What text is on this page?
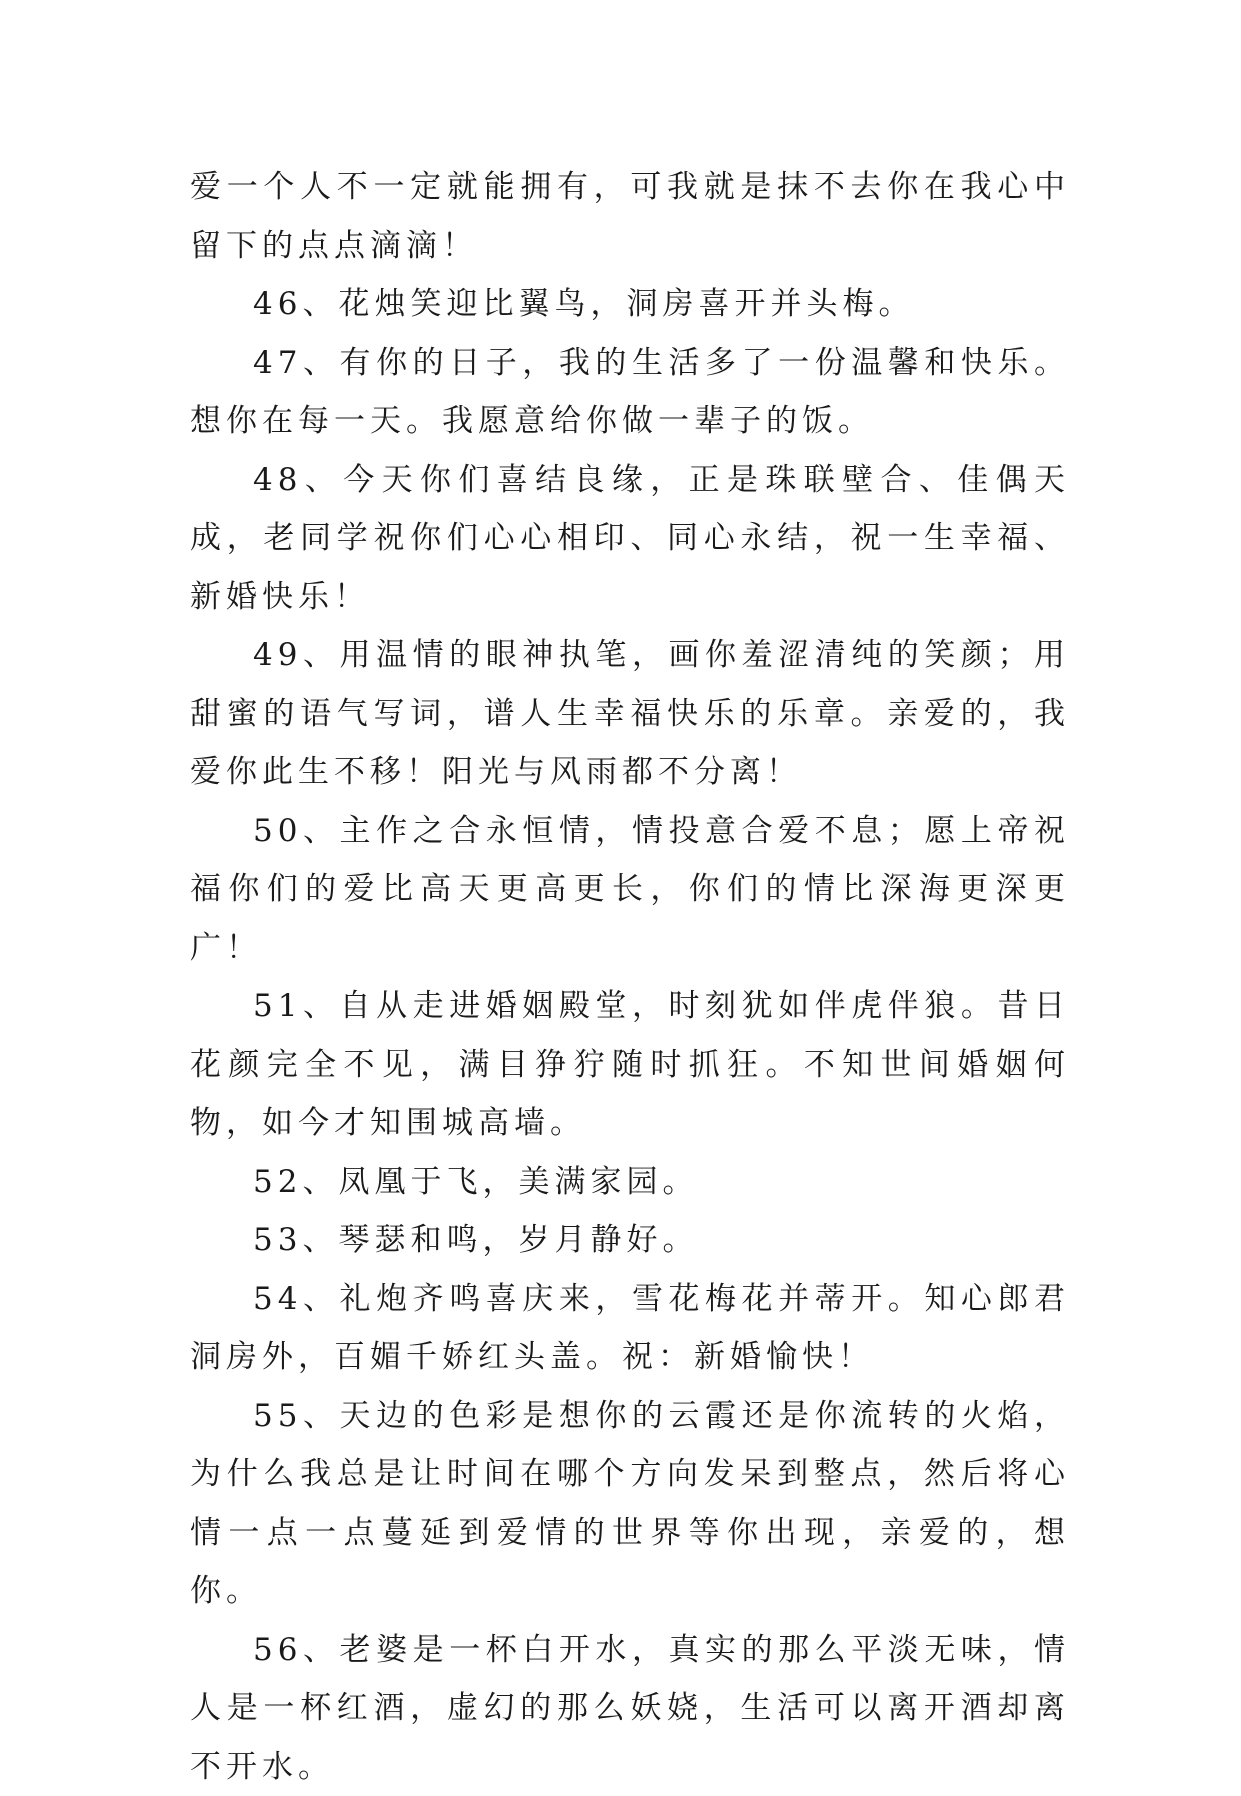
爱一个人不一定就能拥有，可我就是抹不去你在我心中留下的点点滴滴！

46、花烛笑迎比翼鸟，洞房喜开并头梅。

47、有你的日子，我的生活多了一份温馨和快乐。想你在每一天。我愿意给你做一辈子的饭。

48、今天你们喜结良缘，正是珠联壁合、佳偶天成，老同学祝你们心心相印、同心永结，祝一生幸福、新婚快乐！

49、用温情的眼神执笔，画你羞涩清纯的笑颜；用甜蜜的语气写词，谱人生幸福快乐的乐章。亲爱的，我爱你此生不移！阳光与风雨都不分离！

50、主作之合永恒情，情投意合爱不息；愿上帝祝福你们的爱比高天更高更长，你们的情比深海更深更广！

51、自从走进婚姻殿堂，时刻犹如伴虎伴狼。昔日花颜完全不见，满目狰狞随时抓狂。不知世间婚姻何物，如今才知围城高墙。

52、凤凰于飞，美满家园。

53、琴瑟和鸣，岁月静好。

54、礼炮齐鸣喜庆来，雪花梅花并蒂开。知心郎君洞房外，百媚千娇红头盖。祝：新婚愉快！

55、天边的色彩是想你的云霞还是你流转的火焰，为什么我总是让时间在哪个方向发呆到整点，然后将心情一点一点蔓延到爱情的世界等你出现，亲爱的，想你。

56、老婆是一杯白开水，真实的那么平淡无味，情人是一杯红酒，虚幻的那么妖娆，生活可以离开酒却离不开水。
